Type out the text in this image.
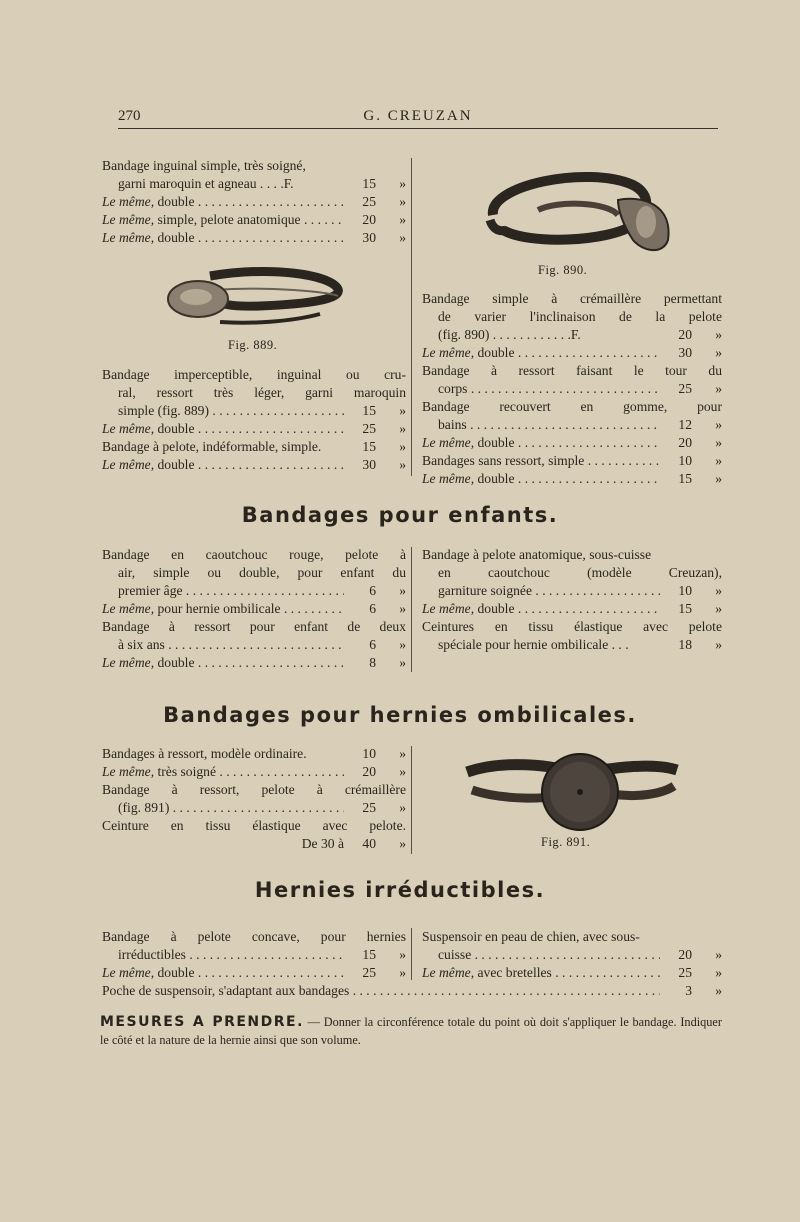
270	G. CREUZAN
Bandage inguinal simple, très soigné,
garni maroquin et agneau . . . .F.	15	»
Le même, double . . .	25	»
Le même, simple, pelote anatomique . . .	20	»
Le même, double . . .	30	»
Fig. 889.
Bandage imperceptible, inguinal ou cru-
ral, ressort très léger, garni maroquin
simple (fig. 889) . . .	15	»
Le même, double . . .	25	»
Bandage à pelote, indéformable, simple.	15	»
Le même, double . . .	30	»
Fig. 890.
Bandage simple à crémaillère permettant
de varier l'inclinaison de la pelote
(fig. 890) . . . . . . . . . . . .F.	20	»
Le même, double . . .	30	»
Bandage à ressort faisant le tour du
corps . . .	25	»
Bandage recouvert en gomme, pour
bains . . .	12	»
Le même, double . . .	20	»
Bandages sans ressort, simple . . .	10	»
Le même, double . . .	15	»
Bandages pour enfants.
Bandage en caoutchouc rouge, pelote à
air, simple ou double, pour enfant du
premier âge . . .	6	»
Le même, pour hernie ombilicale . . .	6	»
Bandage à ressort pour enfant de deux
à six ans . . .	6	»
Le même, double . . .	8	»
Bandage à pelote anatomique, sous-cuisse
en caoutchouc (modèle Creuzan),
garniture soignée . . .	10	»
Le même, double . . .	15	»
Ceintures en tissu élastique avec pelote
spéciale pour hernie ombilicale . . .	18	»
Bandages pour hernies ombilicales.
Bandages à ressort, modèle ordinaire.	10	»
Le même, très soigné . . .	20	»
Bandage à ressort, pelote à crémaillère
(fig. 891) . . .	25	»
Ceinture en tissu élastique avec pelote.
De 30 à	40	»	Fig. 891.
Hernies irréductibles.
Bandage à pelote concave, pour hernies
irréductibles . . .	15	»
Le même, double . . .	25	»
Suspensoir en peau de chien, avec sous-
cuisse . . .	20	»
Le même, avec bretelles . . .	25	»
Poche de suspensoir, s'adaptant aux bandages . . .	3	»
MESURES A PRENDRE. — Donner la circonférence totale du point où doit s'appliquer le bandage. Indiquer le côté et la nature de la hernie ainsi que son volume.
